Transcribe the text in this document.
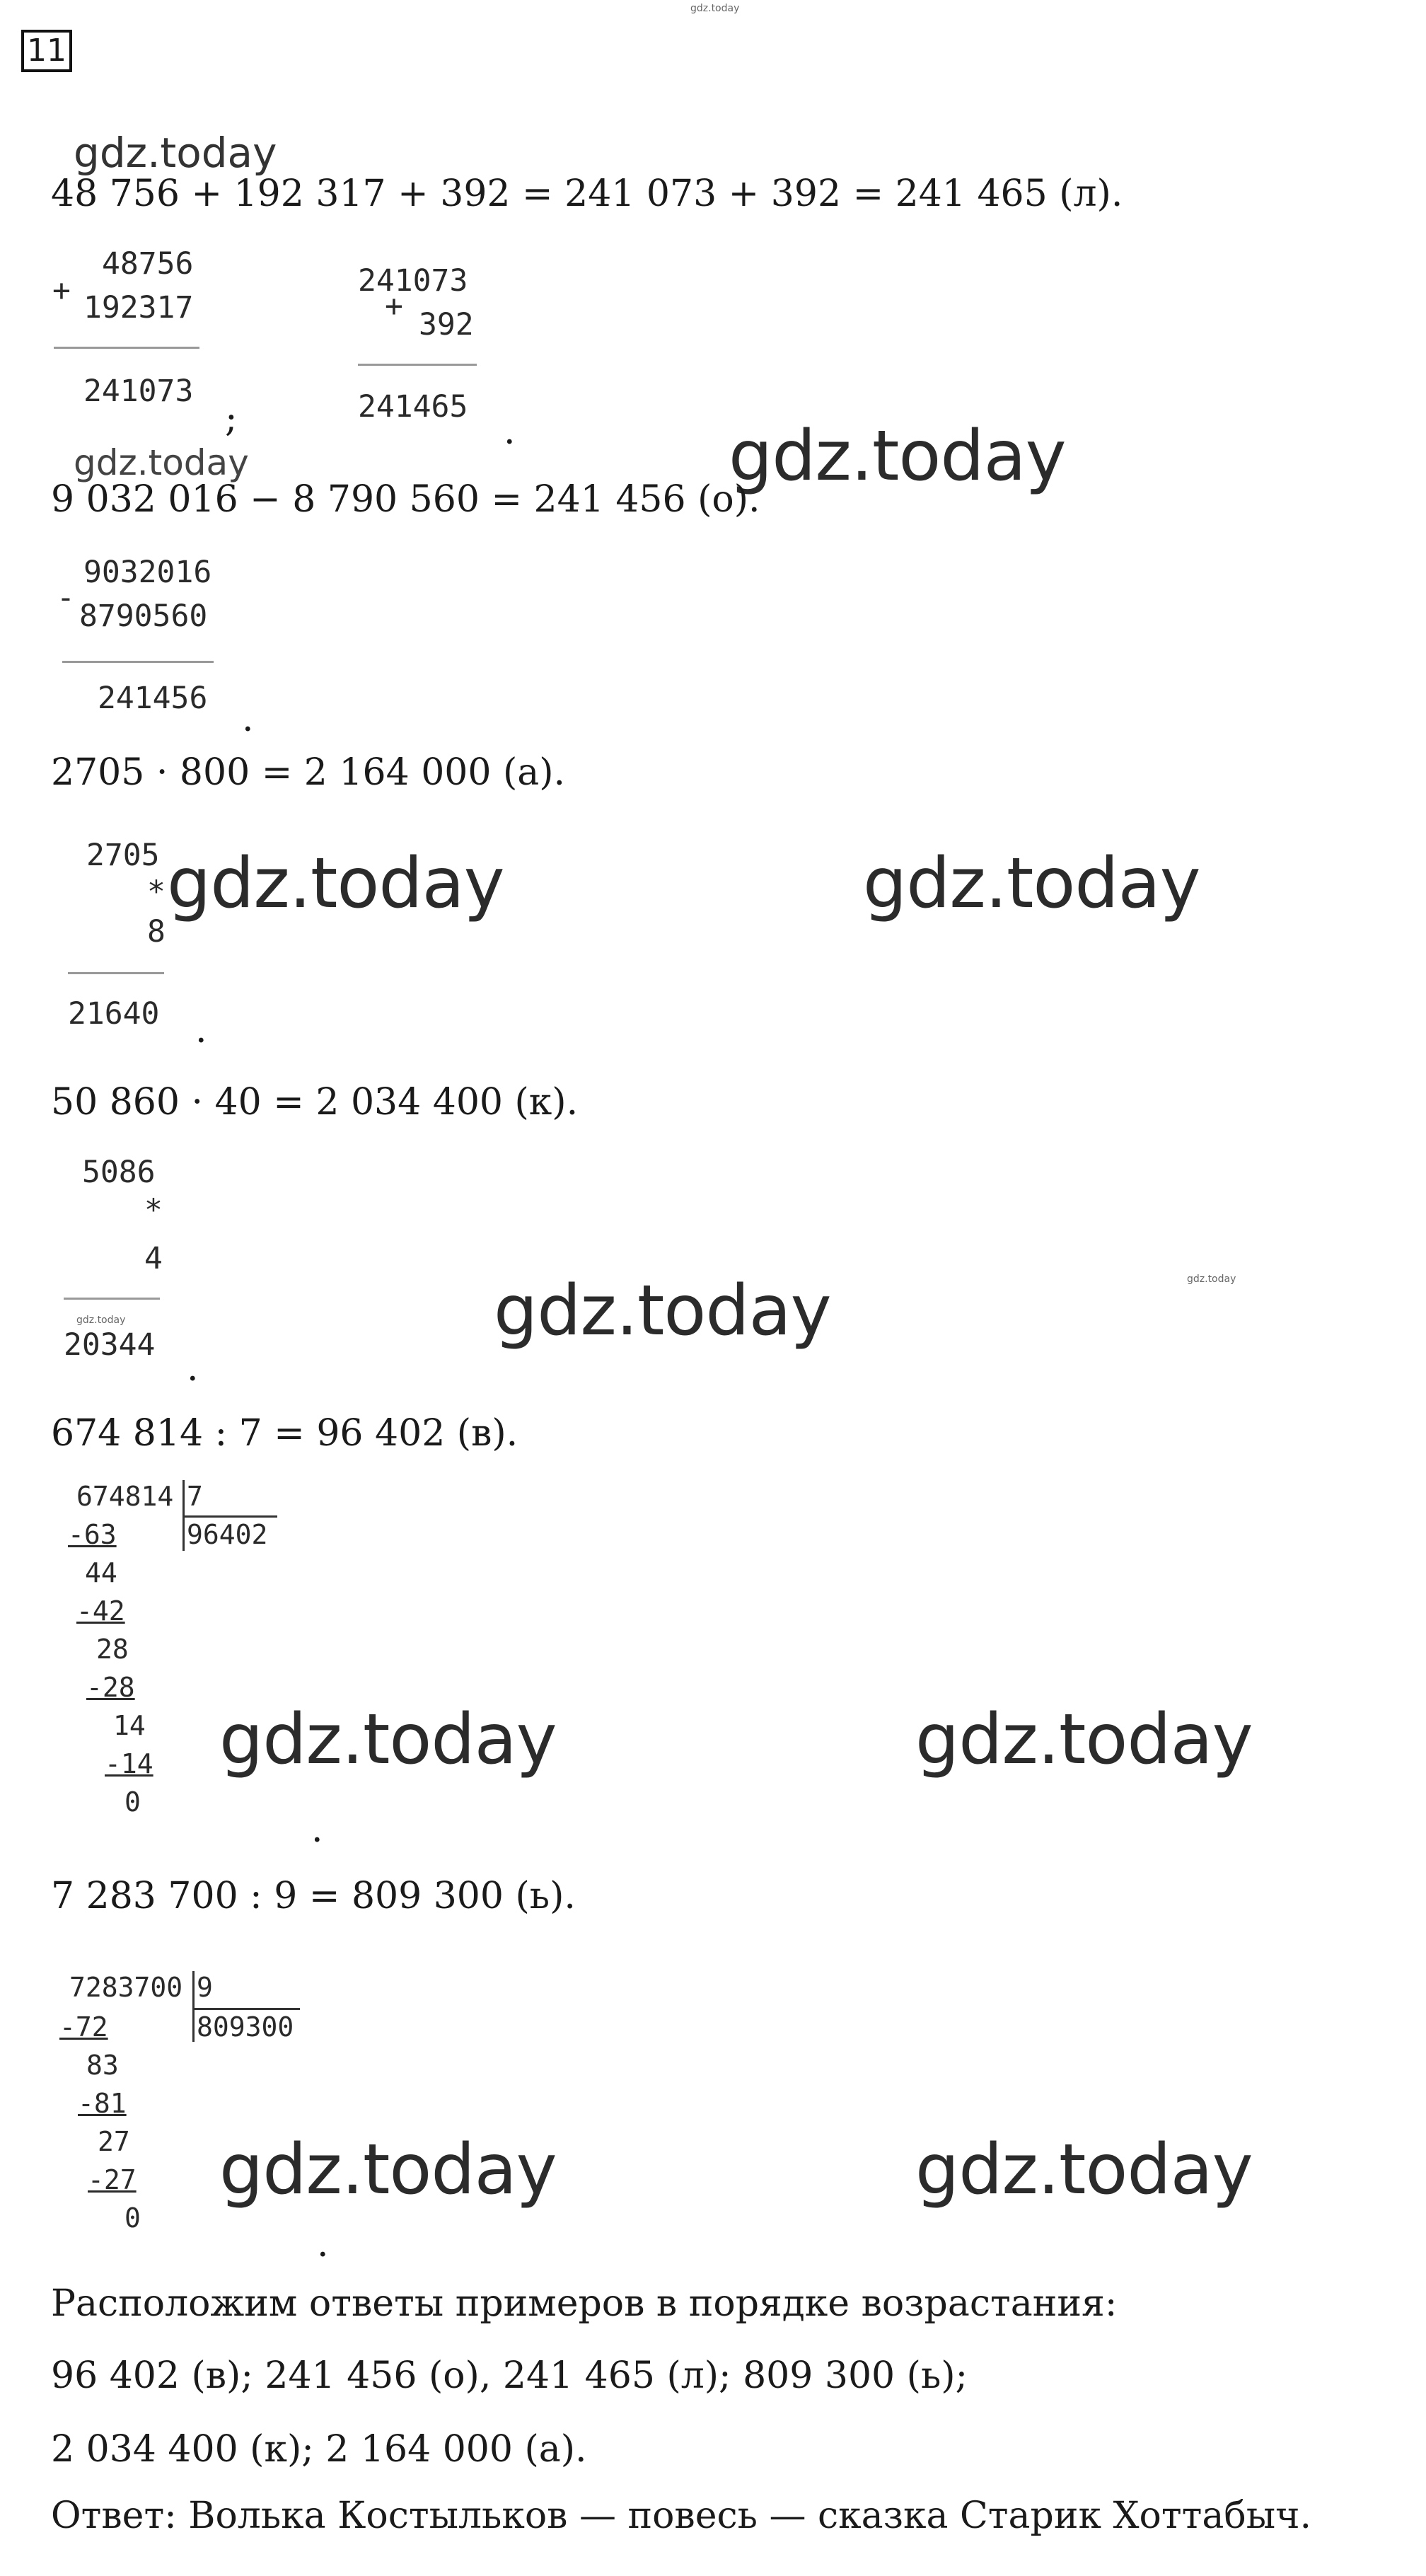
gdz.today
11
gdz.today
48 756 + 192 317 + 392 = 241 073 + 392 = 241 465 (л).
+
48756
192317
241073
;
241073
+
392
241465
.
gdz.today	gdz.today
9 032 016 − 8 790 560 = 241 456 (о).
-
9032016
8790560
241456 .
2705 · 800 = 2 164 000 (а).
2705
*
8
21640 .
gdz.today	gdz.today
50 860 · 40 = 2 034 400 (к).
5086
*
4
gdz.today
20344
.
gdz.today	gdz.today
674 814 : 7 = 96 402 (в).
674814 7
96402
-63
44
-42
28
-28
14
-14
0
.
gdz.today	gdz.today
7 283 700 : 9 = 809 300 (ь).
7283700 9
809300
-72
83
-81
27
-27
0
.
gdz.today	gdz.today
Расположим ответы примеров в порядке возрастания:
96 402 (в); 241 456 (о), 241 465 (л); 809 300 (ь);
2 034 400 (к); 2 164 000 (а).
Ответ: Волька Костыльков — повесь — сказка Старик Хоттабыч.
